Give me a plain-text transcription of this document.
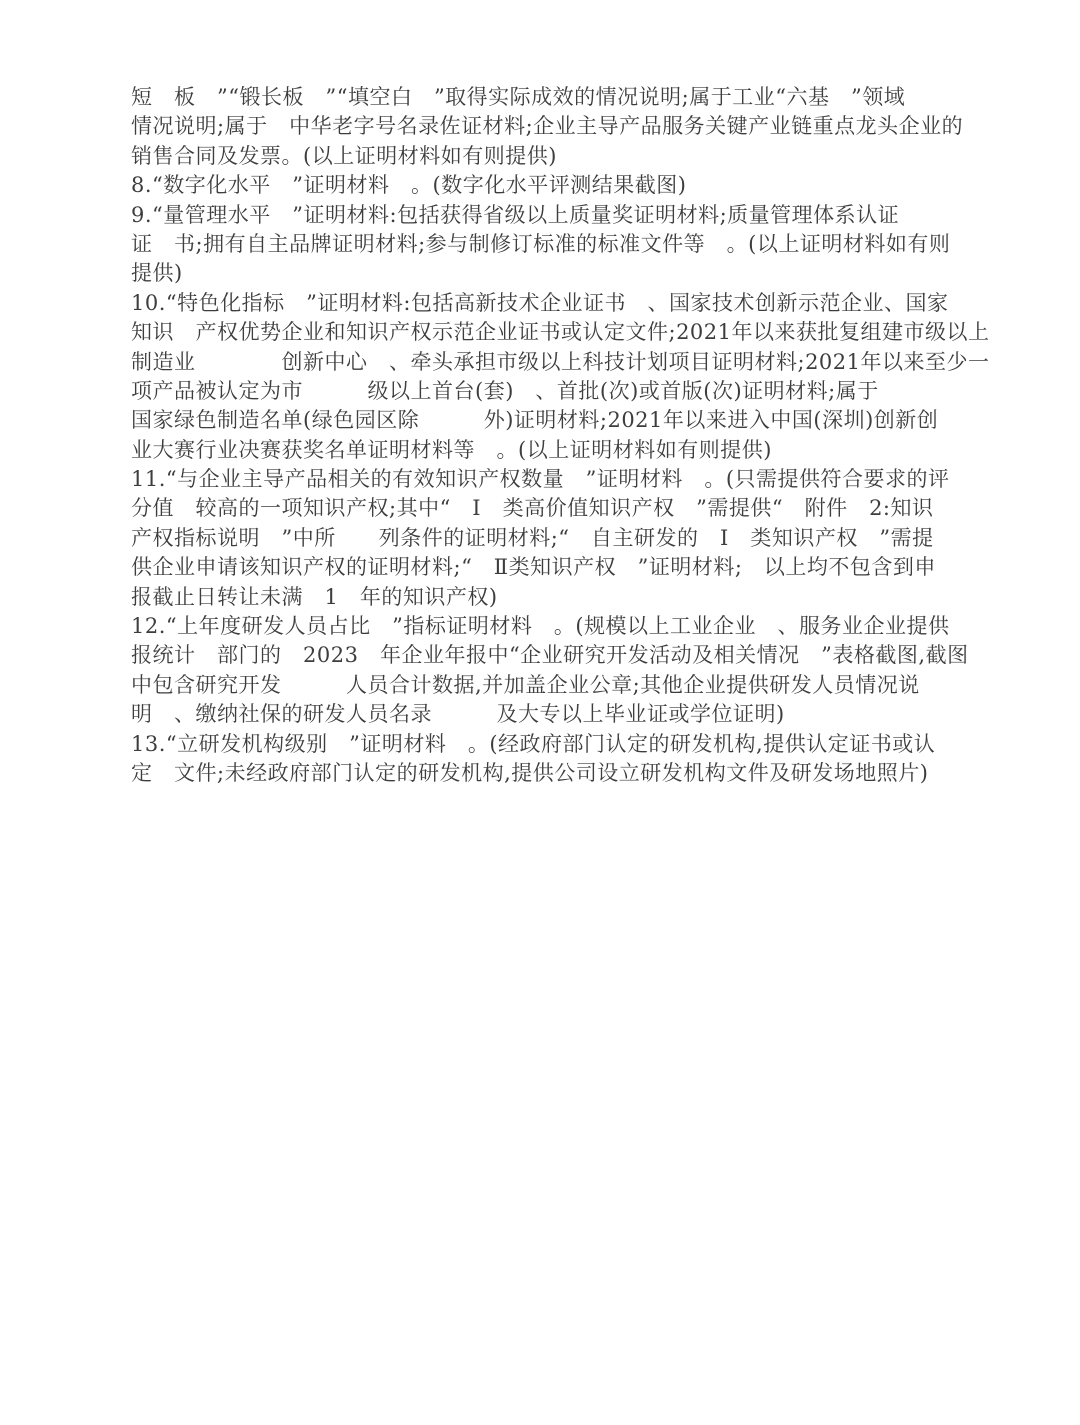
短　板　”“锻长板　”“填空白　”取得实际成效的情况说明;属于工业“六基　”领域
情况说明;属于　中华老字号名录佐证材料;企业主导产品服务关键产业链重点龙头企业的
销售合同及发票。(以上证明材料如有则提供)
8.“数字化水平　”证明材料　。(数字化水平评测结果截图)
9.“量管理水平　”证明材料:包括获得省级以上质量奖证明材料;质量管理体系认证
证　书;拥有自主品牌证明材料;参与制修订标准的标准文件等　。(以上证明材料如有则
提供)
10.“特色化指标　”证明材料:包括高新技术企业证书　、国家技术创新示范企业、国家
知识　产权优势企业和知识产权示范企业证书或认定文件;2021年以来获批复组建市级以上
制造业　　　　创新中心　、牵头承担市级以上科技计划项目证明材料;2021年以来至少一
项产品被认定为市　　　级以上首台(套)　、首批(次)或首版(次)证明材料;属于
国家绿色制造名单(绿色园区除　　　外)证明材料;2021年以来进入中国(深圳)创新创
业大赛行业决赛获奖名单证明材料等　。(以上证明材料如有则提供)
11.“与企业主导产品相关的有效知识产权数量　”证明材料　。(只需提供符合要求的评
分值　较高的一项知识产权;其中“　Ⅰ　类高价值知识产权　”需提供“　附件　2:知识
产权指标说明　”中所　　列条件的证明材料;“　自主研发的　Ⅰ　类知识产权　”需提
供企业申请该知识产权的证明材料;“　Ⅱ类知识产权　”证明材料;　以上均不包含到申
报截止日转让未满　1　年的知识产权)
12.“上年度研发人员占比　”指标证明材料　。(规模以上工业企业　、服务业企业提供
报统计　部门的　2023　年企业年报中“企业研究开发活动及相关情况　”表格截图,截图
中包含研究开发　　　人员合计数据,并加盖企业公章;其他企业提供研发人员情况说
明　、缴纳社保的研发人员名录　　　及大专以上毕业证或学位证明)
13.“立研发机构级别　”证明材料　。(经政府部门认定的研发机构,提供认定证书或认
定　文件;未经政府部门认定的研发机构,提供公司设立研发机构文件及研发场地照片)
